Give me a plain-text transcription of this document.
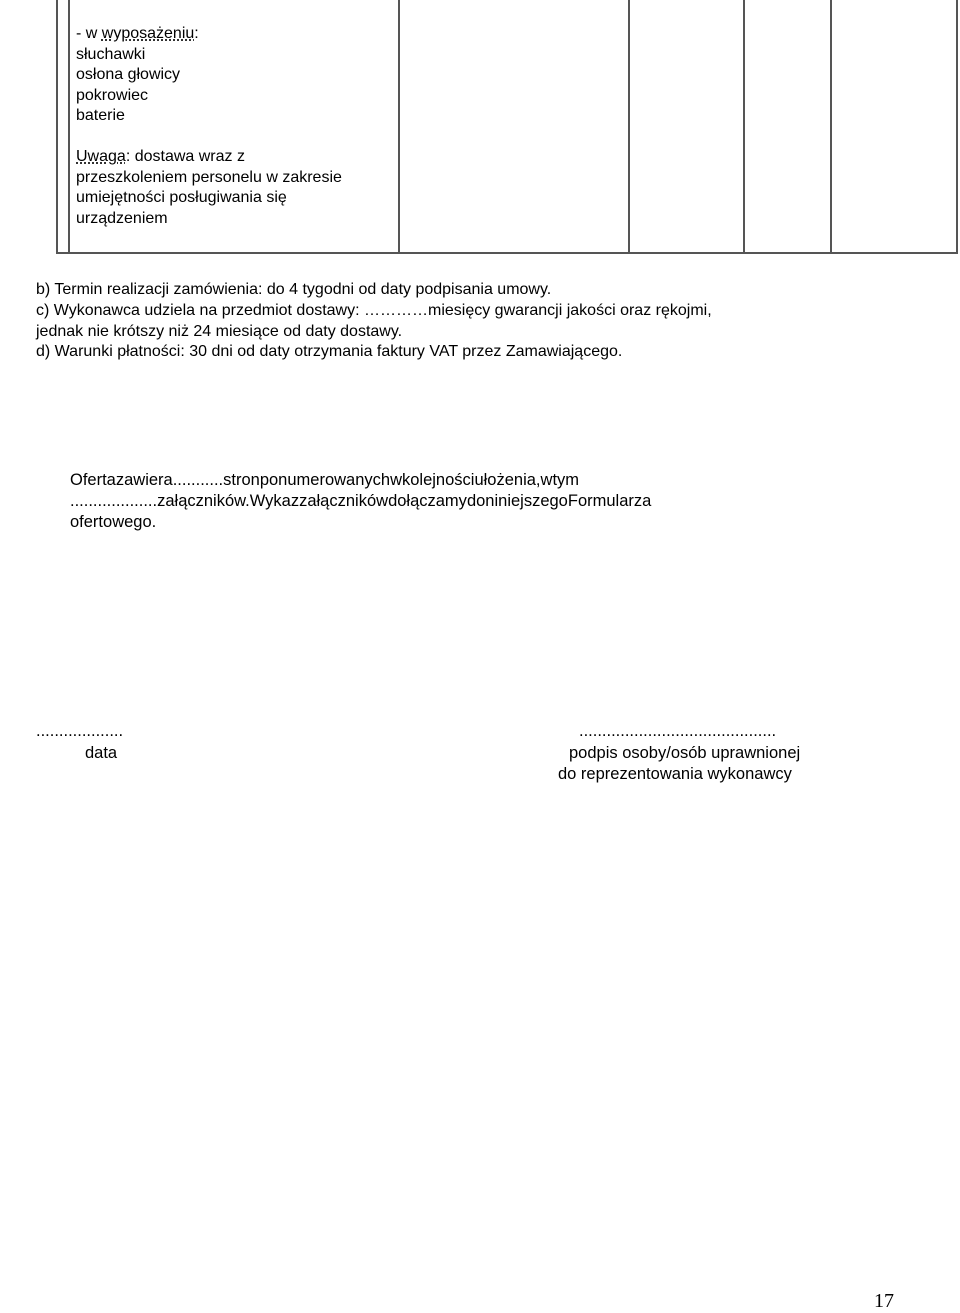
- w wyposażeniu:
słuchawki
osłona głowicy
pokrowiec
baterie
Uwaga: dostawa wraz z
przeszkoleniem personelu w zakresie
umiejętności posługiwania się
urządzeniem
b) Termin realizacji zamówienia: do 4 tygodni od daty podpisania umowy.
c) Wykonawca udziela na przedmiot dostawy: …………miesięcy gwarancji jakości oraz rękojmi,
jednak nie krótszy niż 24 miesiące od daty dostawy.
d) Warunki płatności: 30 dni od daty otrzymania faktury VAT przez Zamawiającego.
Ofertazawiera...........stronponumerowanychwkolejnościułożenia,wtym
...................załączników.WykazzałącznikówdołączamydoniniejszegoFormularza
ofertowego.
...................
data
...........................................
podpis osoby/osób uprawnionej
do reprezentowania wykonawcy
17
